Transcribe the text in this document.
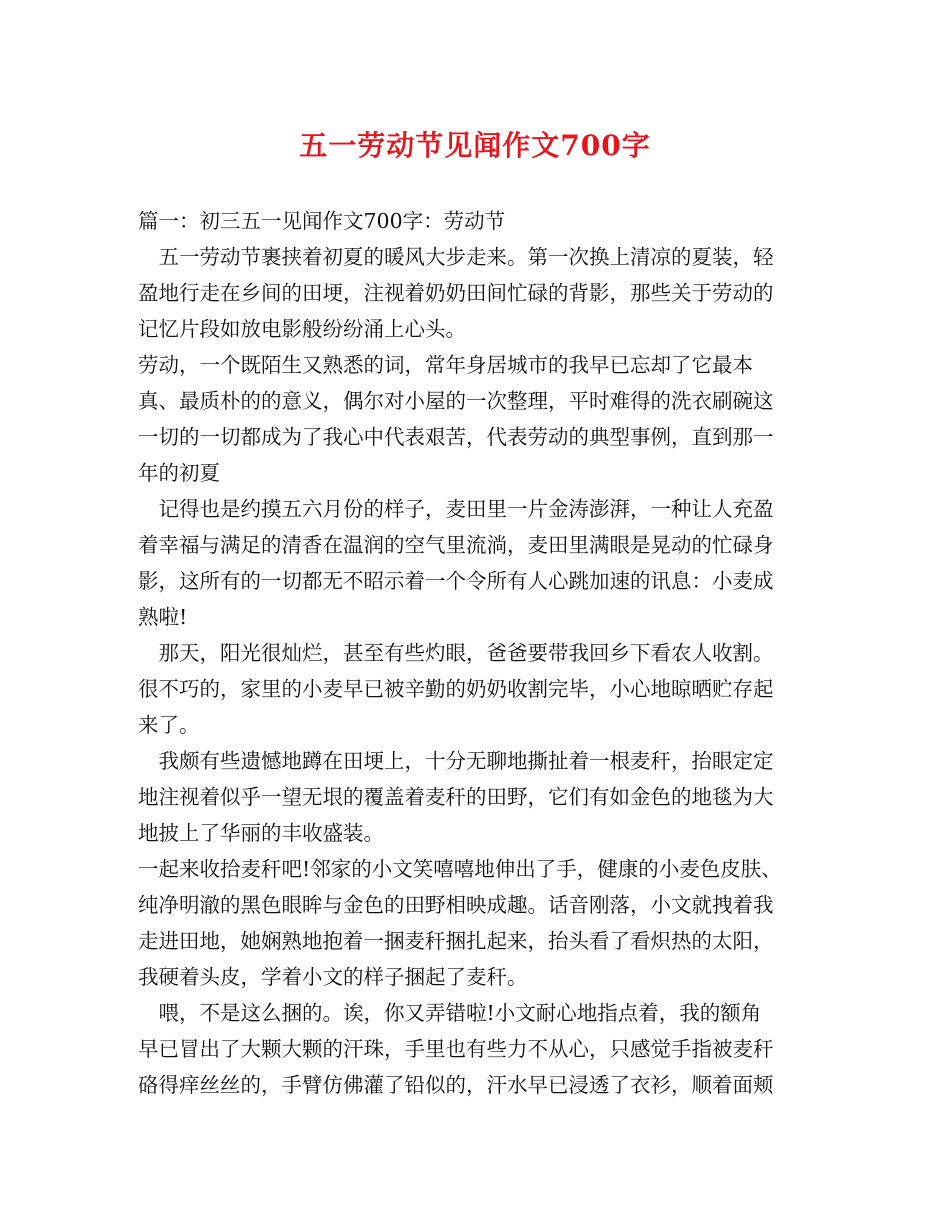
五一劳动节见闻作文700字
篇一：初三五一见闻作文700字：劳动节
　五一劳动节裹挟着初夏的暖风大步走来。第一次换上清凉的夏装，轻
盈地行走在乡间的田埂，注视着奶奶田间忙碌的背影，那些关于劳动的
记忆片段如放电影般纷纷涌上心头。
劳动，一个既陌生又熟悉的词，常年身居城市的我早已忘却了它最本
真、最质朴的的意义，偶尔对小屋的一次整理，平时难得的洗衣刷碗这
一切的一切都成为了我心中代表艰苦，代表劳动的典型事例，直到那一
年的初夏
　记得也是约摸五六月份的样子，麦田里一片金涛澎湃，一种让人充盈
着幸福与满足的清香在温润的空气里流淌，麦田里满眼是晃动的忙碌身
影，这所有的一切都无不昭示着一个令所有人心跳加速的讯息：小麦成
熟啦!
　那天，阳光很灿烂，甚至有些灼眼，爸爸要带我回乡下看农人收割。
很不巧的，家里的小麦早已被辛勤的奶奶收割完毕，小心地晾晒贮存起
来了。
　我颇有些遗憾地蹲在田埂上，十分无聊地撕扯着一根麦秆，抬眼定定
地注视着似乎一望无垠的覆盖着麦秆的田野，它们有如金色的地毯为大
地披上了华丽的丰收盛装。
一起来收拾麦秆吧!邻家的小文笑嘻嘻地伸出了手，健康的小麦色皮肤、
纯净明澈的黑色眼眸与金色的田野相映成趣。话音刚落，小文就拽着我
走进田地，她娴熟地抱着一捆麦秆捆扎起来，抬头看了看炽热的太阳，
我硬着头皮，学着小文的样子捆起了麦秆。
　喂，不是这么捆的。诶，你又弄错啦!小文耐心地指点着，我的额角
早已冒出了大颗大颗的汗珠，手里也有些力不从心，只感觉手指被麦秆
硌得痒丝丝的，手臂仿佛灌了铅似的，汗水早已浸透了衣衫，顺着面颊
